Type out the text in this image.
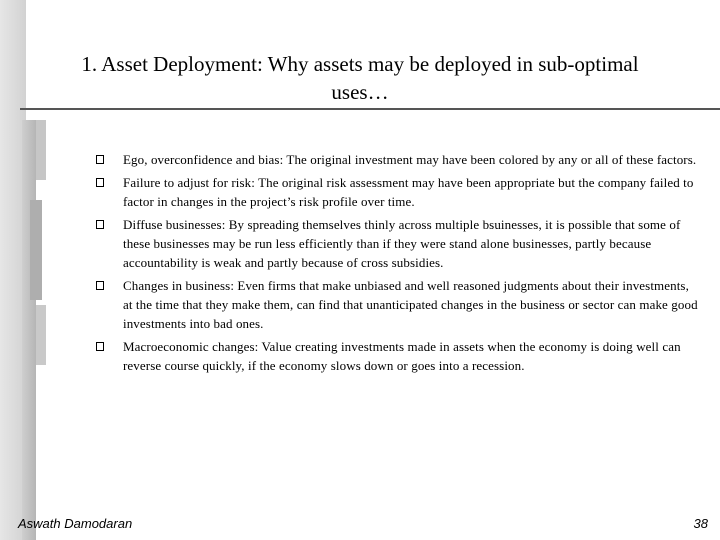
1. Asset Deployment: Why assets may be deployed in sub-optimal uses…
Ego, overconfidence and bias: The original investment may have been colored by any or all of these factors.
Failure to adjust for risk: The original risk assessment may have been appropriate but the company failed to factor in changes in the project’s risk profile over time.
Diffuse businesses: By spreading themselves thinly across multiple bsuinesses, it is possible that some of these businesses may be run less efficiently than if they were stand alone businesses, partly because accountability is weak and partly because of cross subsidies.
Changes in business: Even firms that make unbiased and well reasoned judgments about their investments, at the time that they make them, can find that unanticipated changes in the business or sector can make good investments into bad ones.
Macroeconomic changes: Value creating investments made in assets when the economy is doing well can reverse course quickly, if the economy slows down or goes into a recession.
Aswath Damodaran	38
